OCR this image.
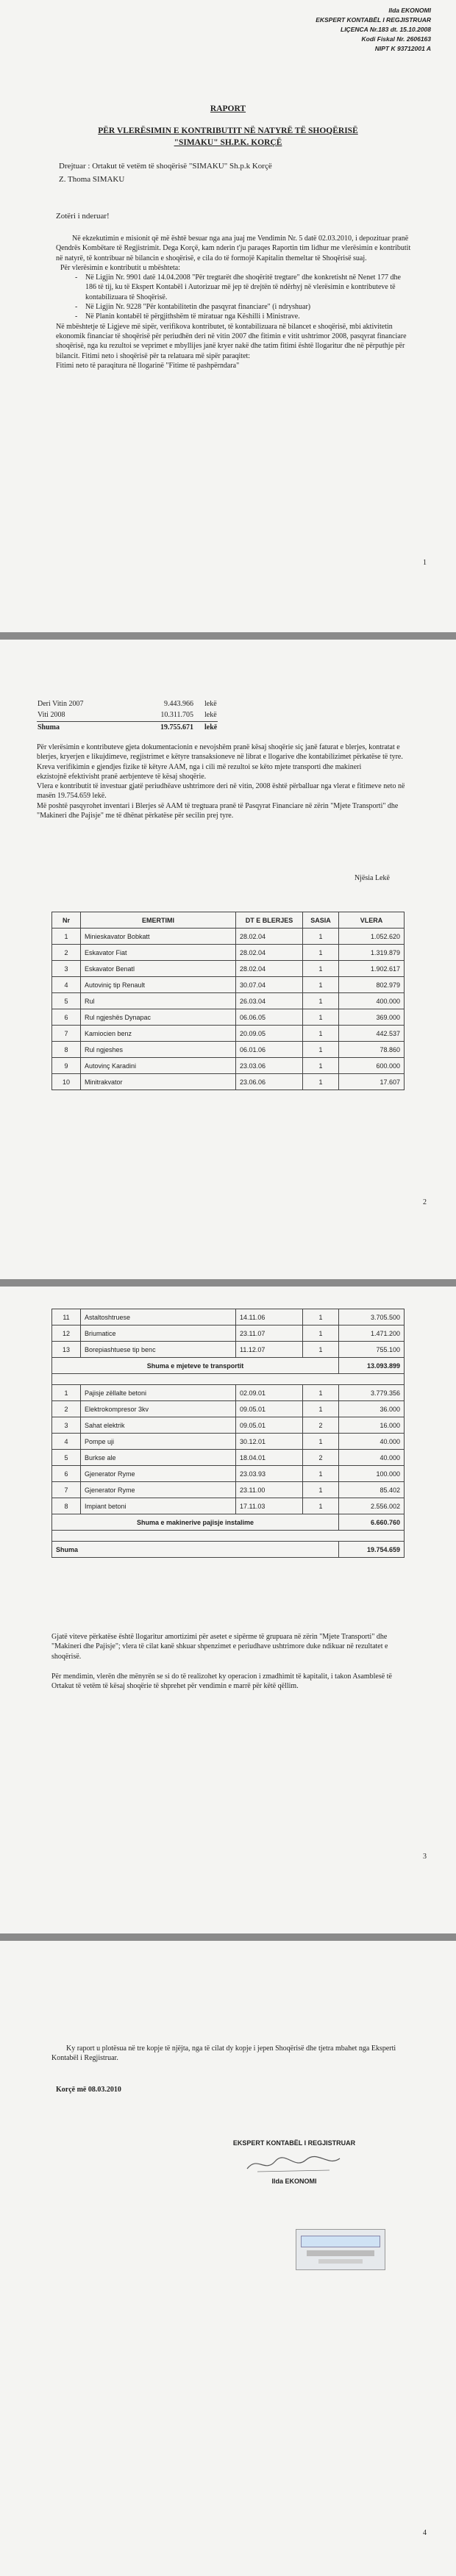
Ilda EKONOMI
EKSPERT KONTABËL I REGJISTRUAR
LIÇENCA Nr.183 dt. 15.10.2008
Kodi Fiskal Nr. 2606163
NIPT K 93712001 A
RAPORT
PËR VLERËSIMIN E KONTRIBUTIT NË NATYRË TË SHOQËRISË
"SIMAKU" SH.P.K. KORÇË
Drejtuar : Ortakut të vetëm të shoqërisë "SIMAKU" Sh.p.k Korçë
Z. Thoma SIMAKU
Zotëri i nderuar!
Në ekzekutimin e misionit që më është besuar nga ana juaj me Vendimin Nr. 5 datë 02.03.2010, i depozituar pranë Qendrës Kombëtare të Regjistrimit. Dega Korçë, kam nderin t'ju paraqes Raportin tim lidhur me vlerësimin e kontributit në natyrë, të kontribuar në bilancin e shoqërisë, e cila do të formojë Kapitalin themeltar të Shoqërisë suaj.
Për vlerësimin e kontributit u mbështeta:
- Në Ligjin Nr. 9901 datë 14.04.2008 "Për tregtarët dhe shoqëritë tregtare" dhe konkretisht në Nenet 177 dhe 186 të tij, ku të Ekspert Kontabël i Autorizuar më jep të drejtën të ndërhyj në vlerësimin e kontributeve të kontabilizuara të Shoqërisë.
- Në Ligjin Nr. 9228 "Për kontabilitetin dhe pasqyrat financiare" (i ndryshuar)
- Në Planin kontabël të përgjithshëm të miratuar nga Këshilli i Ministrave.
Në mbështetje të Ligjeve më sipër, verifikova kontributet, të kontabilizuara në bilancet e shoqërisë, mbi aktivitetin ekonomik financiar të shoqërisë për periudhën deri në vitin 2007 dhe fitimin e vitit ushtrimor 2008, pasqyrat financiare shoqërisë, nga ku rezultoi se veprimet e mbyllijes janë kryer nakë dhe tatim fitimi është llogaritur dhe në përputhje për bilancit. Fitimi neto i shoqërisë për ta relatuara më sipër paraqitet:
Fitimi neto të paraqitura në llogarinë "Fitime të pashpërndara"
1
Deri Vitin 2007	9.443.966	lekë
Viti 2008	10.311.705	lekë
Shuma	19.755.671	lekë
Për vlerësimin e kontributeve gjeta dokumentacionin e nevojshëm pranë kësaj shoqërie siç janë faturat e blerjes, kontratat e blerjes, kryerjen e likujdimeve, regjistrimet e këtyre transaksioneve në librat e llogarive dhe kontabilizimet përkatëse të tyre. Kreva verifikimin e gjendjes fizike të këtyre AAM, nga i cili më rezultoi se këto mjete transporti dhe makineri
ekzistojnë efektivisht pranë aerbjenteve të kësaj shoqërie.
Vlera e kontributit të investuar gjatë periudhëave ushtrimore deri në vitin, 2008 është përballuar nga vlerat e fitimeve neto në masën 19.754.659 lekë.
Më poshtë pasqyrohet inventari i Blerjes së AAM të tregtuara pranë të Pasqyrat Financiare në zërin "Mjete Transporti" dhe "Makineri dhe Pajisje" me të dhënat përkatëse për secilin prej tyre.
Njësia Lekë
Nr	EMERTIMI	DT E BLERJES	SASIA	VLERA
1	Minieskavator Bobkatt	28.02.04	1	1.052.620
2	Eskavator Fiat	28.02.04	1	1.319.879
3	Eskavator Benatl	28.02.04	1	1.902.617
4	Autoviniç tip Renault	30.07.04	1	802.979
5	Rul	26.03.04	1	400.000
6	Rul ngjeshës Dynapac	06.06.05	1	369.000
7	Kamiocien benz	20.09.05	1	442.537
8	Rul ngjeshes	06.01.06	1	78.860
9	Autovinç Karadini	23.03.06	1	600.000
10	Minitrakvator	23.06.06	1	17.607
2
11	Astaltoshtruese	14.11.06	1	3.705.500
12	Briumatice	23.11.07	1	1.471.200
13	Borepiashtuese tip benc	11.12.07	1	755.100
Shuma e mjeteve te transportit				13.093.899

1	Pajisje zëllalte betoni	02.09.01	1	3.779.356
2	Elektrokompresor 3kv	09.05.01	1	36.000
3	Sahat elektrik	09.05.01	2	16.000
4	Pompe uji	30.12.01	1	40.000
5	Burkse ale	18.04.01	2	40.000
6	Gjenerator Ryme	23.03.93	1	100.000
7	Gjenerator Ryme	23.11.00	1	85.402
8	Impiant betoni	17.11.03	1	2.556.002
Shuma e makinerive pajisje instalime				6.660.760

Shuma				19.754.659
Gjatë viteve përkatëse është llogaritur amortizimi për asetet e sipërme të grupuara në zërin "Mjete Transporti" dhe "Makineri dhe Pajisje"; vlera të cilat kanë shkuar shpenzimet e periudhave ushtrimore duke ndikuar në rezultatet e shoqërisë.
Për mendimin, vlerën dhe mënyrën se si do të realizohet ky operacion i zmadhimit të kapitalit, i takon Asamblesë të Ortakut të vetëm të kësaj shoqërie të shprehet për vendimin e marrë për këtë qëllim.
3
Ky raport u plotësua në tre kopje të njëjta, nga të cilat dy kopje i jepen Shoqërisë dhe tjetra mbahet nga Eksperti Kontabël i Regjistruar.
Korçë më 08.03.2010
EKSPERT KONTABËL I REGJISTRUAR
Ilda EKONOMI
4
